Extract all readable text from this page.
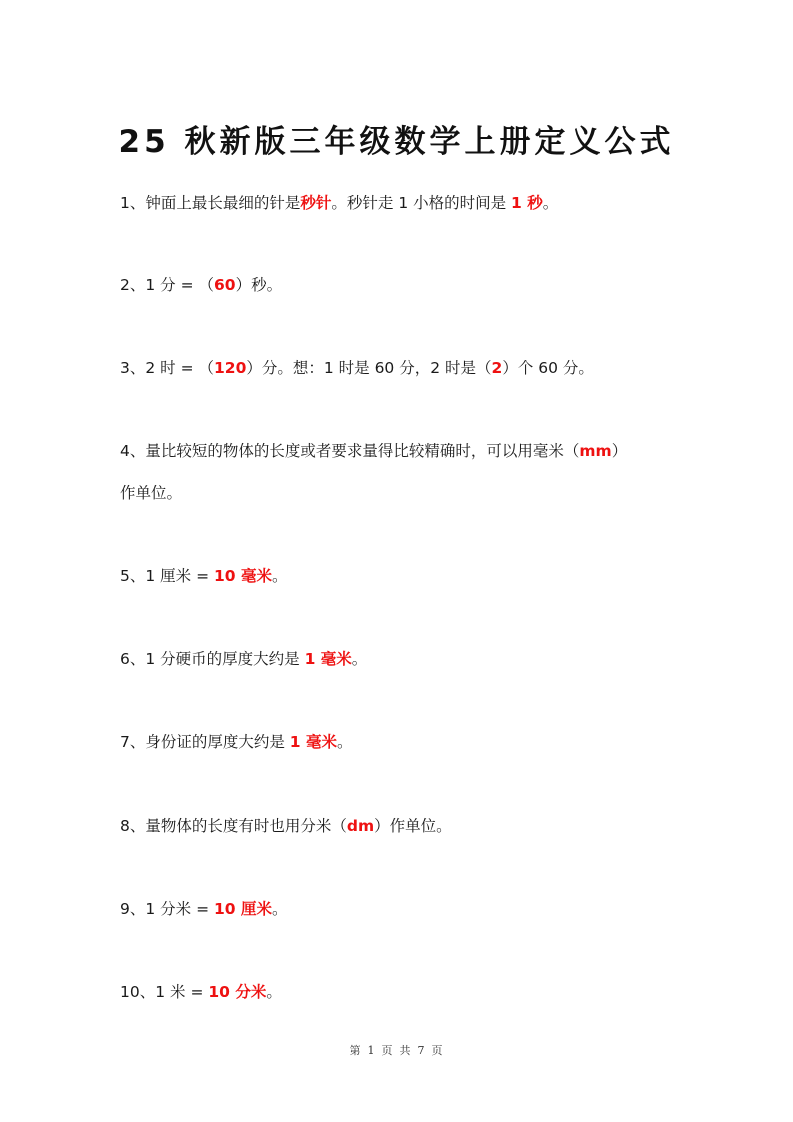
25 秋新版三年级数学上册定义公式
1、钟面上最长最细的针是秒针。秒针走 1 小格的时间是 1 秒。
2、1 分 = （60）秒。
3、2 时 = （120）分。想：1 时是 60 分，2 时是（2）个 60 分。
4、量比较短的物体的长度或者要求量得比较精确时，可以用毫米（mm）
作单位。
5、1 厘米 = 10 毫米。
6、1 分硬币的厚度大约是 1 毫米。
7、身份证的厚度大约是 1 毫米。
8、量物体的长度有时也用分米（dm）作单位。
9、1 分米 = 10 厘米。
10、1 米 = 10 分米。
第 1 页 共 7 页
